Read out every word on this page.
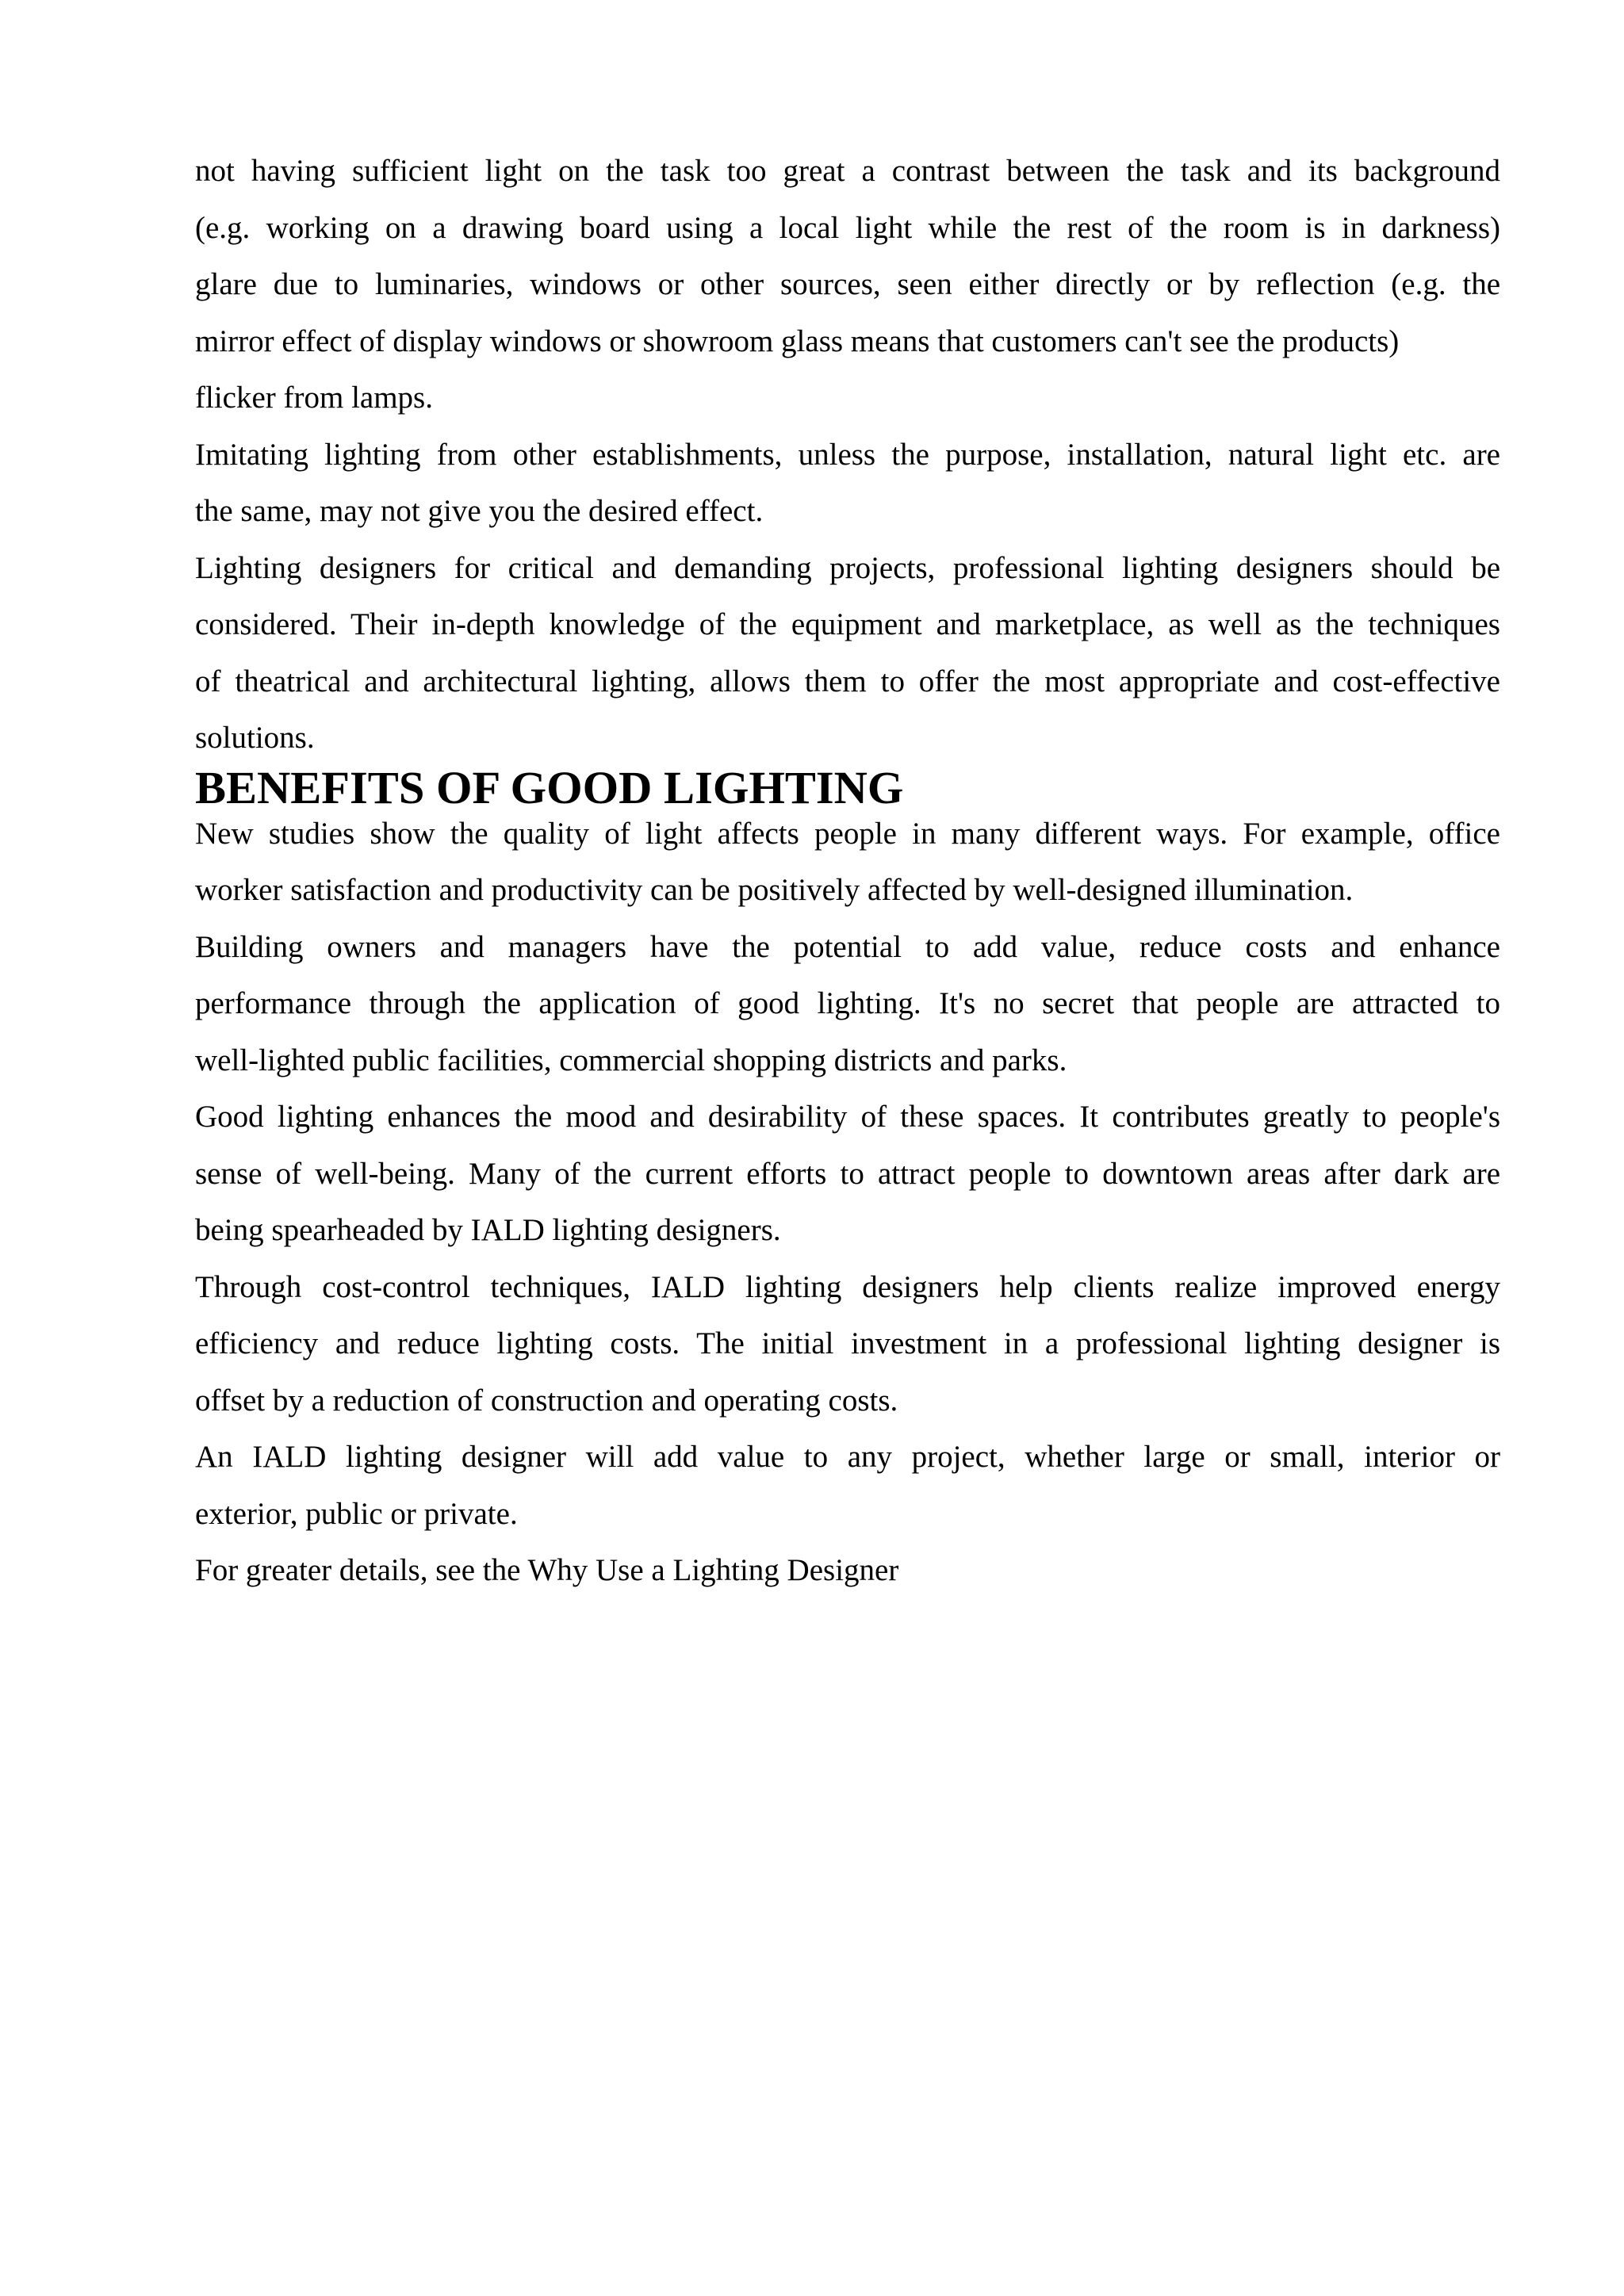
not having sufficient light on the task too great a contrast between the task and its background
(e.g. working on a drawing board using a local light while the rest of the room is in darkness)
glare due to luminaries, windows or other sources, seen either directly or by reflection (e.g. the
mirror effect of display windows or showroom glass means that customers can't see the products)
flicker from lamps.

Imitating lighting from other establishments, unless the purpose, installation, natural light etc. are
the same, may not give you the desired effect.

Lighting designers for critical and demanding projects, professional lighting designers should be
considered. Their in-depth knowledge of the equipment and marketplace, as well as the techniques
of theatrical and architectural lighting, allows them to offer the most appropriate and cost-effective
solutions.

BENEFITS OF GOOD LIGHTING

New studies show the quality of light affects people in many different ways. For example, office
worker satisfaction and productivity can be positively affected by well-designed illumination.

Building owners and managers have the potential to add value, reduce costs and enhance
performance through the application of good lighting. It's no secret that people are attracted to
well-lighted public facilities, commercial shopping districts and parks.

Good lighting enhances the mood and desirability of these spaces. It contributes greatly to people's
sense of well-being. Many of the current efforts to attract people to downtown areas after dark are
being spearheaded by IALD lighting designers.

Through cost-control techniques, IALD lighting designers help clients realize improved energy
efficiency and reduce lighting costs. The initial investment in a professional lighting designer is
offset by a reduction of construction and operating costs.

An IALD lighting designer will add value to any project, whether large or small, interior or
exterior, public or private.

For greater details, see the Why Use a Lighting Designer
